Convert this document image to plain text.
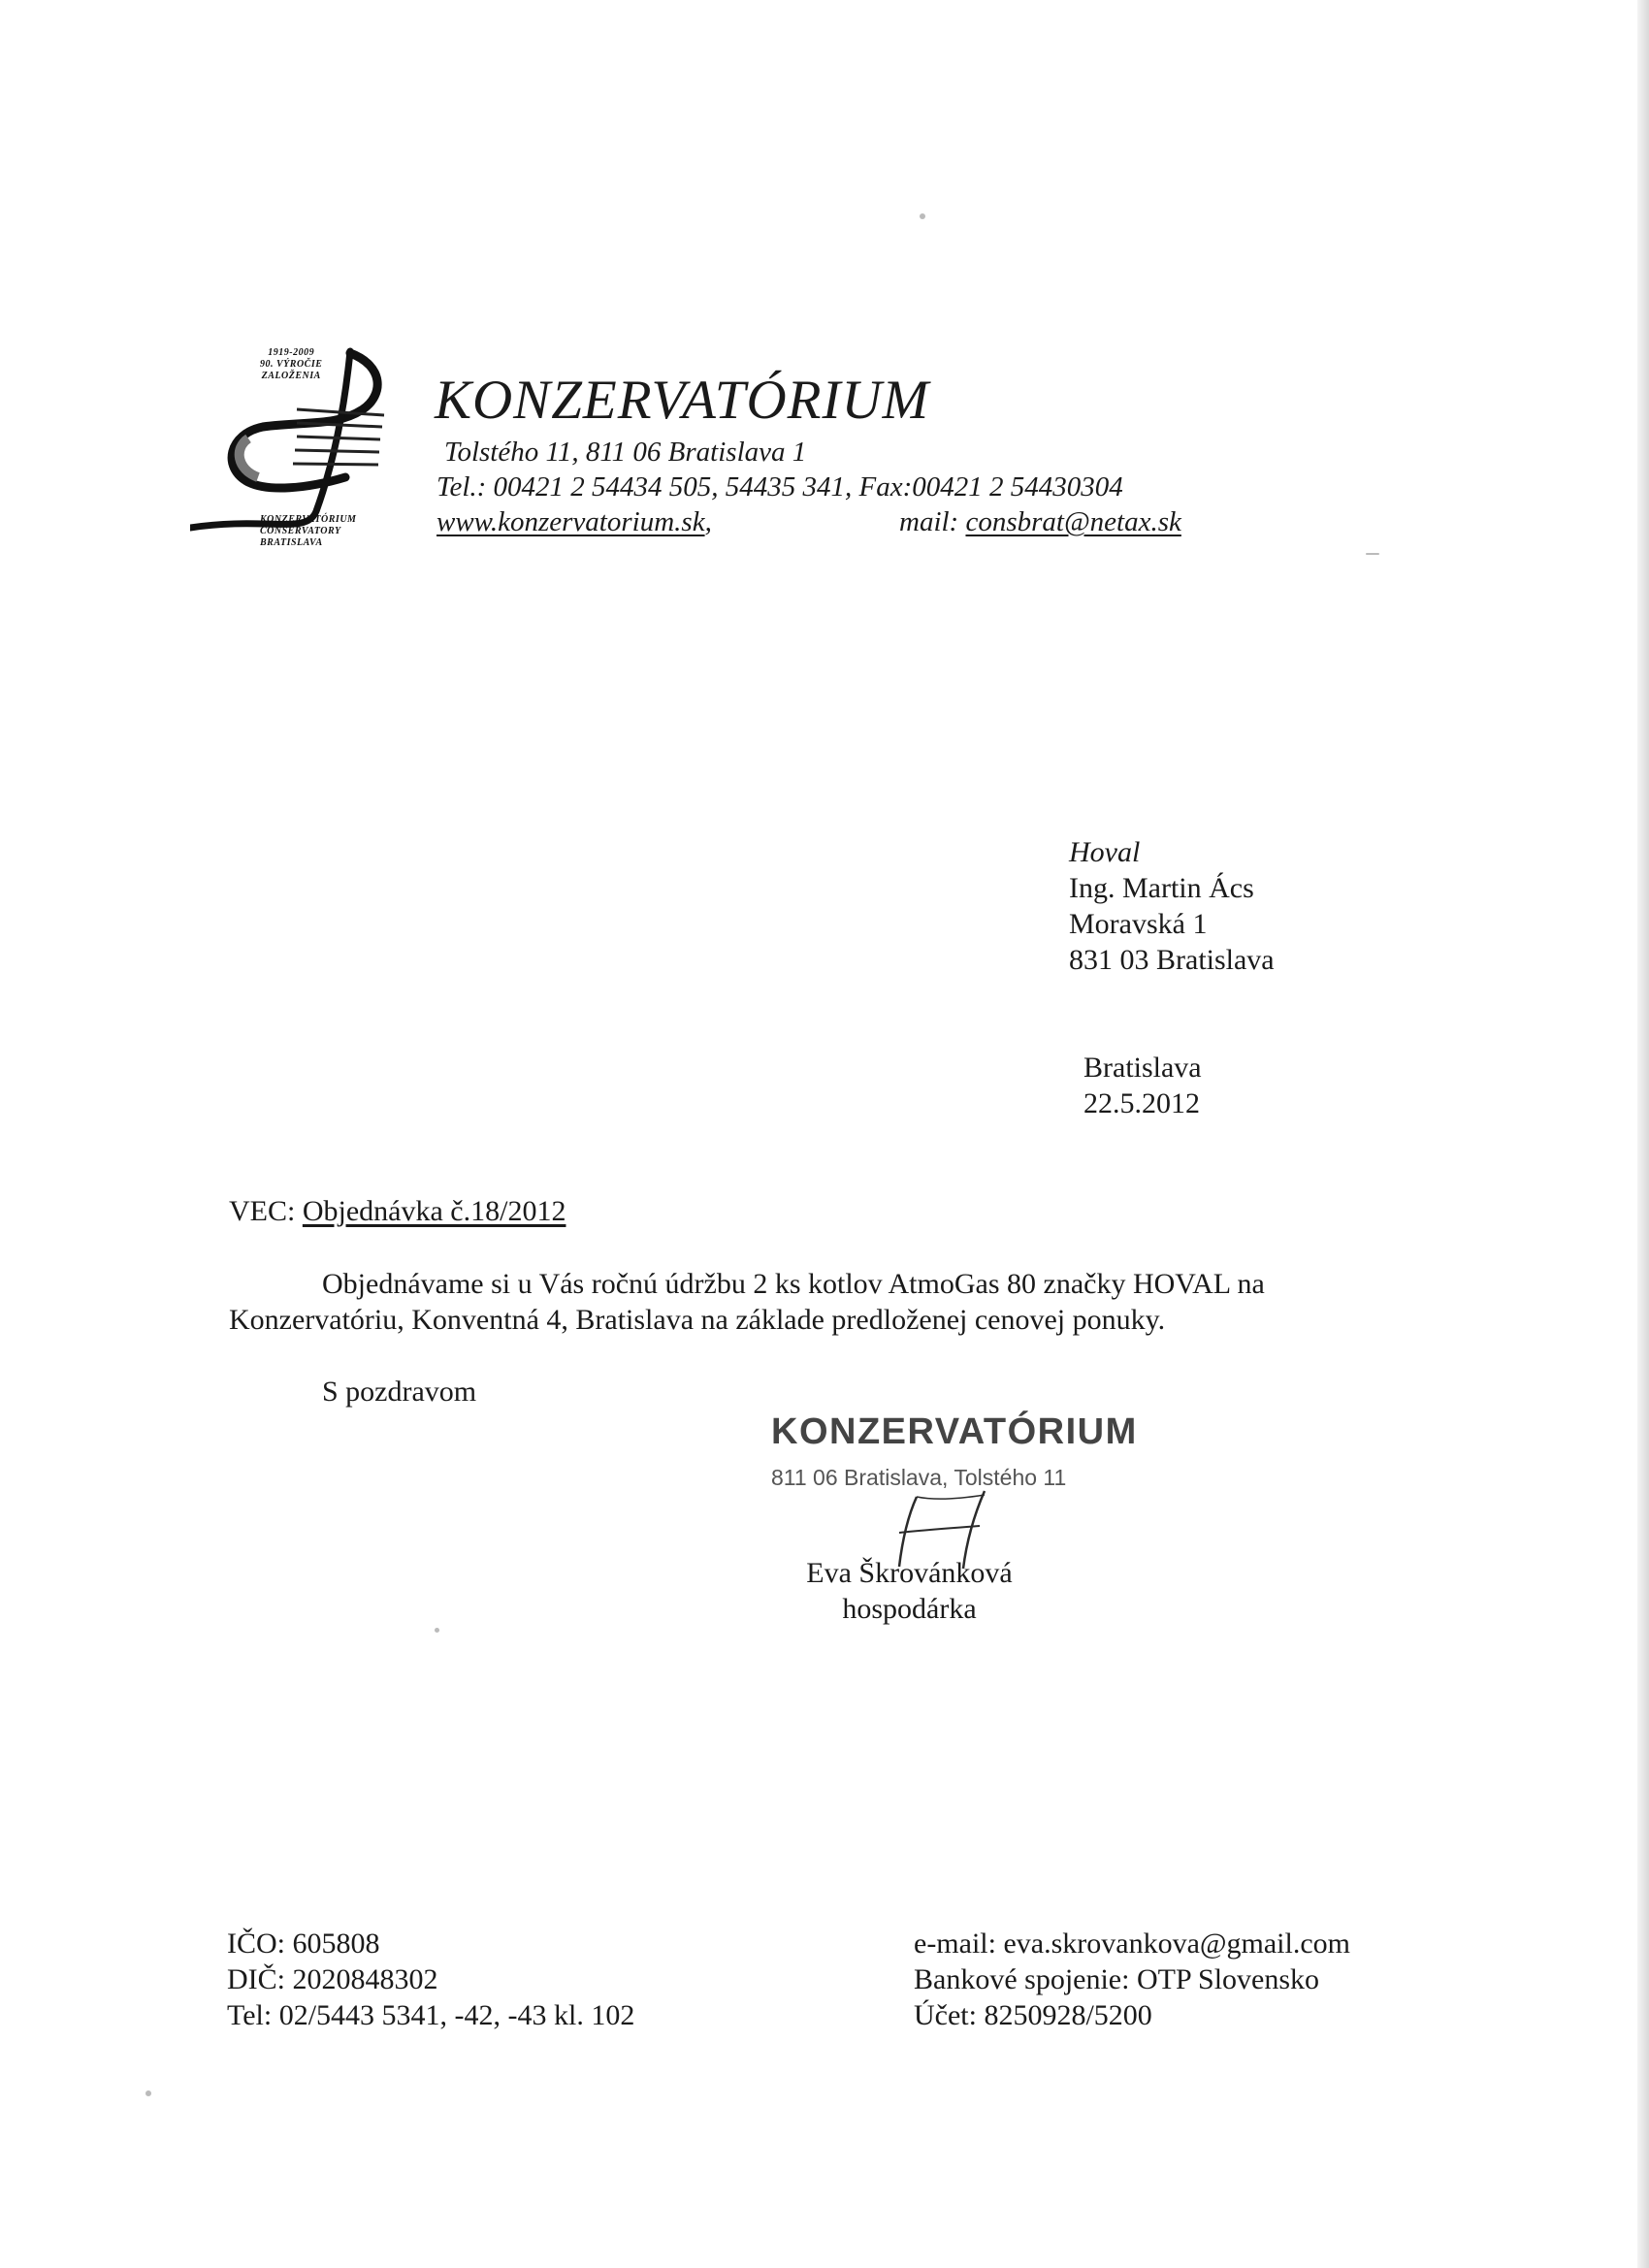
1919-2009
90. VÝROČIE
ZALOŽENIA
KONZERVATÓRIUM
CONSERVATORY
BRATISLAVA
KONZERVATÓRIUM
Tolstého 11, 811 06 Bratislava 1
Tel.: 00421 2 54434 505, 54435 341, Fax:00421 2 54430304
www.konzervatorium.sk,	mail: consbrat@netax.sk
Hoval
Ing. Martin Ács
Moravská 1
831 03 Bratislava
Bratislava
22.5.2012
VEC: Objednávka č.18/2012
Objednávame si u Vás ročnú údržbu 2 ks kotlov AtmoGas 80 značky HOVAL na
Konzervatóriu, Konventná 4, Bratislava na základe predloženej cenovej ponuky.
S pozdravom
KONZERVATÓRIUM
811 06 Bratislava, Tolstého 11
Eva Škrovánková
hospodárka
IČO: 605808
DIČ: 2020848302
Tel: 02/5443 5341, -42, -43 kl. 102
e-mail: eva.skrovankova@gmail.com
Bankové spojenie: OTP Slovensko
Účet: 8250928/5200
